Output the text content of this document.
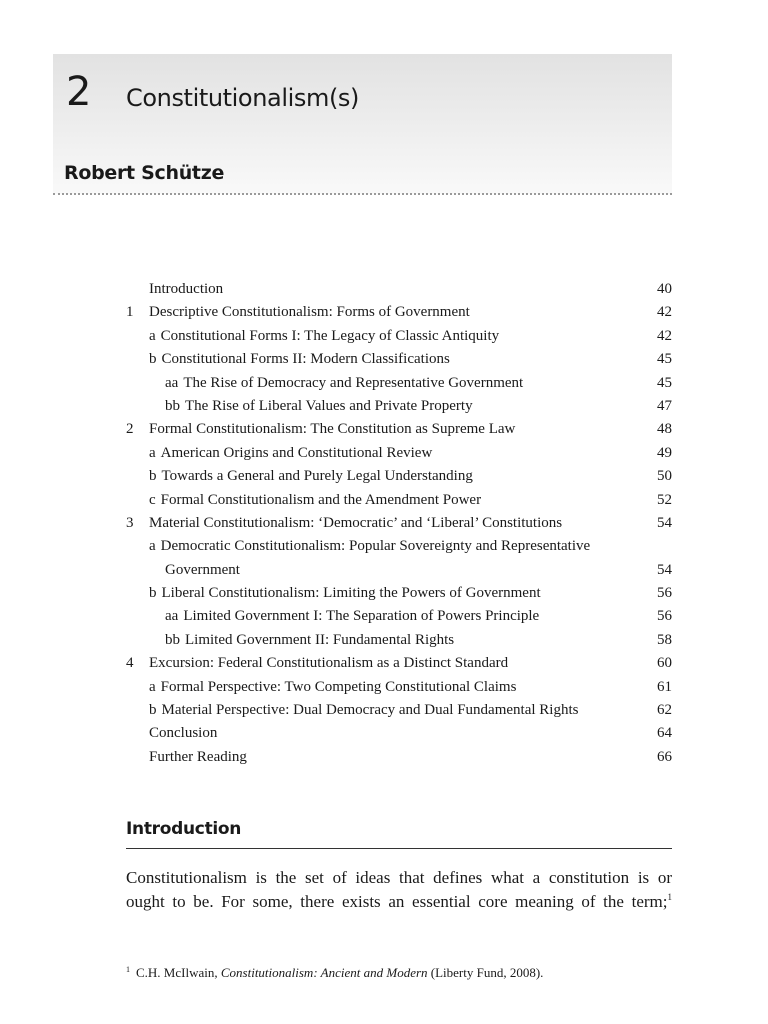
2 Constitutionalism(s)
Robert Schütze
Introduction	40
1 Descriptive Constitutionalism: Forms of Government	42
a Constitutional Forms I: The Legacy of Classic Antiquity	42
b Constitutional Forms II: Modern Classifications	45
aa The Rise of Democracy and Representative Government	45
bb The Rise of Liberal Values and Private Property	47
2 Formal Constitutionalism: The Constitution as Supreme Law	48
a American Origins and Constitutional Review	49
b Towards a General and Purely Legal Understanding	50
c Formal Constitutionalism and the Amendment Power	52
3 Material Constitutionalism: ‘Democratic’ and ‘Liberal’ Constitutions	54
a Democratic Constitutionalism: Popular Sovereignty and Representative
Government	54
b Liberal Constitutionalism: Limiting the Powers of Government	56
aa Limited Government I: The Separation of Powers Principle	56
bb Limited Government II: Fundamental Rights	58
4 Excursion: Federal Constitutionalism as a Distinct Standard	60
a Formal Perspective: Two Competing Constitutional Claims	61
b Material Perspective: Dual Democracy and Dual Fundamental Rights	62
Conclusion	64
Further Reading	66
Introduction
Constitutionalism is the set of ideas that defines what a constitution is or
ought to be. For some, there exists an essential core meaning of the term;$^1$
$^1$ C.H. McIlwain, Constitutionalism: Ancient and Modern (Liberty Fund, 2008).
